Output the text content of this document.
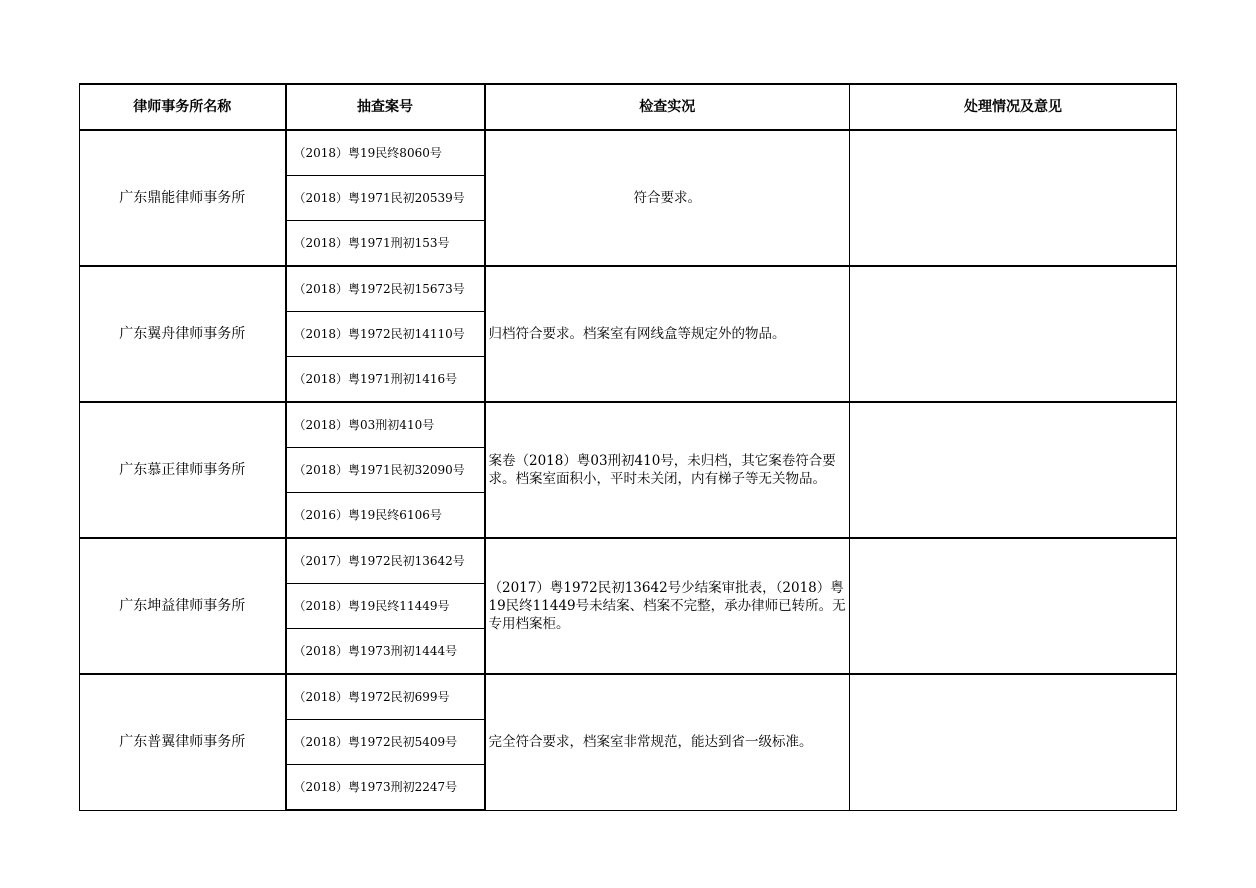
律师事务所名称	抽查案号	检查实况	处理情况及意见
广东鼎能律师事务所	（2018）粤19民终8060号	符合要求。	
	（2018）粤1971民初20539号		
	（2018）粤1971刑初153号		
广东翼舟律师事务所	（2018）粤1972民初15673号	归档符合要求。档案室有网线盒等规定外的物品。	
	（2018）粤1972民初14110号		
	（2018）粤1971刑初1416号		
广东慕正律师事务所	（2018）粤03刑初410号	案卷（2018）粤03刑初410号，未归档，其它案卷符合要求。档案室面积小，平时未关闭，内有梯子等无关物品。	
	（2018）粤1971民初32090号		
	（2016）粤19民终6106号		
广东坤益律师事务所	（2017）粤1972民初13642号	（2017）粤1972民初13642号少结案审批表，（2018）粤19民终11449号未结案、档案不完整，承办律师已转所。无专用档案柜。	
	（2018）粤19民终11449号		
	（2018）粤1973刑初1444号		
广东普翼律师事务所	（2018）粤1972民初699号	完全符合要求，档案室非常规范，能达到省一级标准。	
	（2018）粤1972民初5409号		
	（2018）粤1973刑初2247号		
